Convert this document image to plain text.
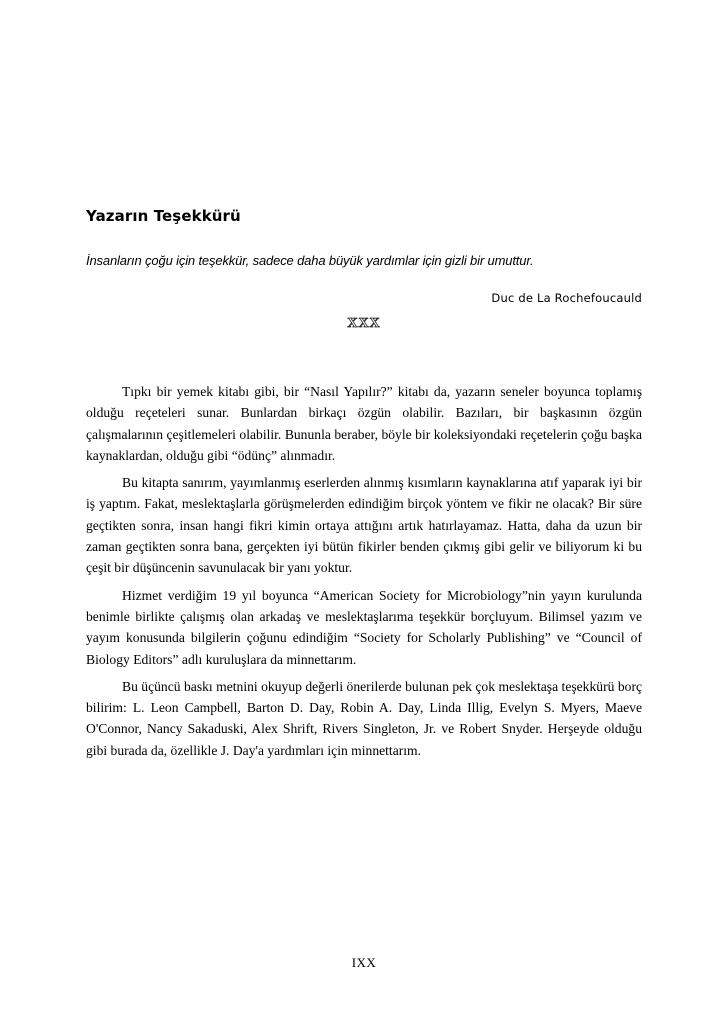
Yazarın Teşekkürü
İnsanların çoğu için teşekkür, sadece daha büyük yardımlar için gizli bir umuttur.
Duc de La Rochefoucauld
XXX

Tıpkı bir yemek kitabı gibi, bir “Nasıl Yapılır?” kitabı da, yazarın seneler boyunca toplamış olduğu reçeteleri sunar. Bunlardan birkaçı özgün olabilir. Bazıları, bir başkasının özgün çalışmalarının çeşitlemeleri olabilir. Bununla beraber, böyle bir koleksiyondaki reçetelerin çoğu başka kaynaklardan, olduğu gibi “ödünç” alınmadır.

Bu kitapta sanırım, yayımlanmış eserlerden alınmış kısımların kaynaklarına atıf yaparak iyi bir iş yaptım. Fakat, meslektaşlarla görüşmelerden edindiğim birçok yöntem ve fikir ne olacak? Bir süre geçtikten sonra, insan hangi fikri kimin ortaya attığını artık hatırlayamaz. Hatta, daha da uzun bir zaman geçtikten sonra bana, gerçekten iyi bütün fikirler benden çıkmış gibi gelir ve biliyorum ki bu çeşit bir düşüncenin savunulacak bir yanı yoktur.

Hizmet verdiğim 19 yıl boyunca “American Society for Microbiology”nin yayın kurulunda benimle birlikte çalışmış olan arkadaş ve meslektaşlarıma teşekkür borçluyum. Bilimsel yazım ve yayım konusunda bilgilerin çoğunu edindiğim “Society for Scholarly Publishing” ve “Council of Biology Editors” adlı kuruluşlara da minnettarım.

Bu üçüncü baskı metnini okuyup değerli önerilerde bulunan pek çok meslektaşa teşekkürü borç bilirim: L. Leon Campbell, Barton D. Day, Robin A. Day, Linda Illig, Evelyn S. Myers, Maeve O'Connor, Nancy Sakaduski, Alex Shrift, Rivers Singleton, Jr. ve Robert Snyder. Herşeyde olduğu gibi burada da, özellikle J. Day'a yardımları için minnettarım.

IXX
